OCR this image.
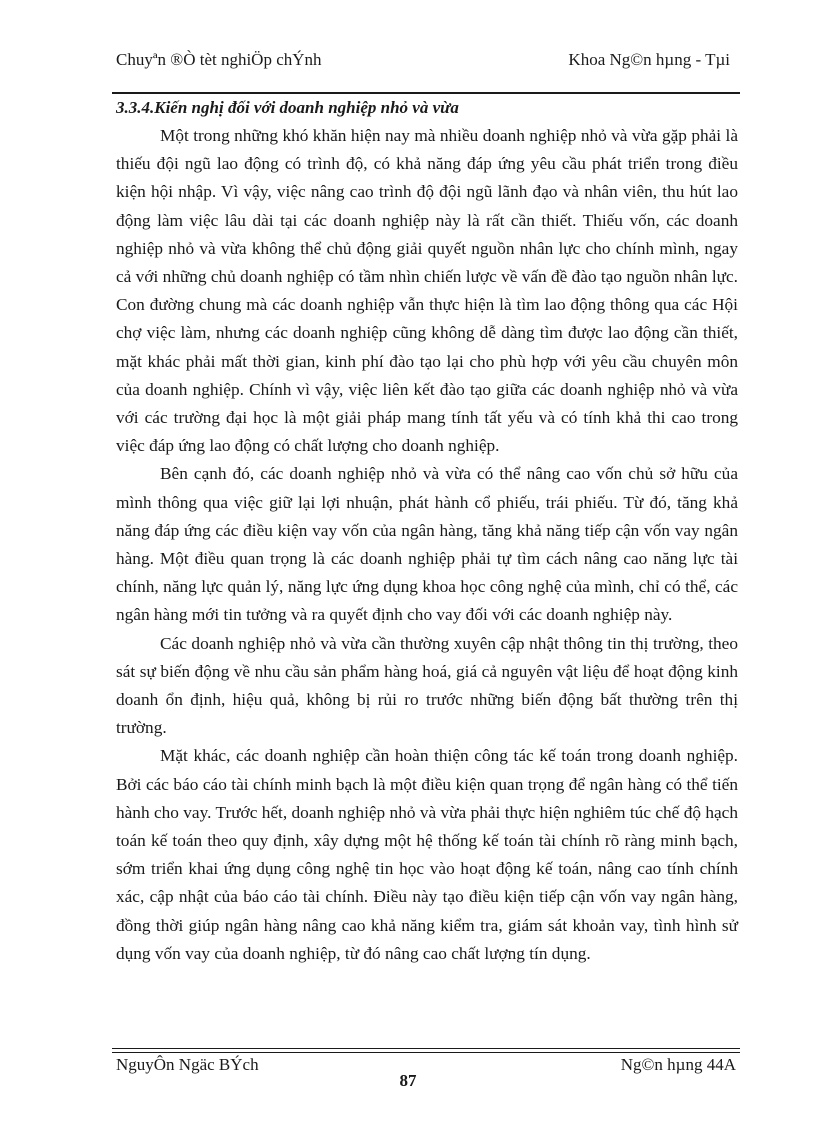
Chuyªn ®Ò tèt nghiÖp chÝnh	Khoa Ng©n hµng - Tµi
3.3.4.Kiến nghị đối với doanh nghiệp nhỏ và vừa

Một trong những khó khăn hiện nay mà nhiều doanh nghiệp nhỏ và vừa gặp phải là thiếu đội ngũ lao động có trình độ, có khả năng đáp ứng yêu cầu phát triển trong điều kiện hội nhập. Vì vậy, việc nâng cao trình độ đội ngũ lãnh đạo và nhân viên, thu hút lao động làm việc lâu dài tại các doanh nghiệp này là rất cần thiết. Thiếu vốn, các doanh nghiệp nhỏ và vừa không thể chủ động giải quyết nguồn nhân lực cho chính mình, ngay cả với những chủ doanh nghiệp có tầm nhìn chiến lược về vấn đề đào tạo nguồn nhân lực. Con đường chung mà các doanh nghiệp vẫn thực hiện là tìm lao động thông qua các Hội chợ việc làm, nhưng các doanh nghiệp cũng không dễ dàng tìm được lao động cần thiết, mặt khác phải mất thời gian, kinh phí đào tạo lại cho phù hợp với yêu cầu chuyên môn của doanh nghiệp. Chính vì vậy, việc liên kết đào tạo giữa các doanh nghiệp nhỏ và vừa với các trường đại học là một giải pháp mang tính tất yếu và có tính khả thi cao trong việc đáp ứng lao động có chất lượng cho doanh nghiệp.

Bên cạnh đó, các doanh nghiệp nhỏ và vừa có thể nâng cao vốn chủ sở hữu của mình thông qua việc giữ lại lợi nhuận, phát hành cổ phiếu, trái phiếu. Từ đó, tăng khả năng đáp ứng các điều kiện vay vốn của ngân hàng, tăng khả năng tiếp cận vốn vay ngân hàng. Một điều quan trọng là các doanh nghiệp phải tự tìm cách nâng cao năng lực tài chính, năng lực quản lý, năng lực ứng dụng khoa học công nghệ của mình, chỉ có thể, các ngân hàng mới tin tưởng và ra quyết định cho vay đối với các doanh nghiệp này.

Các doanh nghiệp nhỏ và vừa cần thường xuyên cập nhật thông tin thị trường, theo sát sự biến động về nhu cầu sản phẩm hàng hoá, giá cả nguyên vật liệu để hoạt động kinh doanh ổn định, hiệu quả, không bị rủi ro trước những biến động bất thường trên thị trường.

Mặt khác, các doanh nghiệp cần hoàn thiện công tác kế toán trong doanh nghiệp. Bởi các báo cáo tài chính minh bạch là một điều kiện quan trọng để ngân hàng có thể tiến hành cho vay. Trước hết, doanh nghiệp nhỏ và vừa phải thực hiện nghiêm túc chế độ hạch toán kế toán theo quy định, xây dựng một hệ thống kế toán tài chính rõ ràng minh bạch, sớm triển khai ứng dụng công nghệ tin học vào hoạt động kế toán, nâng cao tính chính xác, cập nhật của báo cáo tài chính. Điều này tạo điều kiện tiếp cận vốn vay ngân hàng, đồng thời giúp ngân hàng nâng cao khả năng kiểm tra, giám sát khoản vay, tình hình sử dụng vốn vay của doanh nghiệp, từ đó nâng cao chất lượng tín dụng.

NguyÔn Ngäc BÝch	Ng©n hµng 44A
87
